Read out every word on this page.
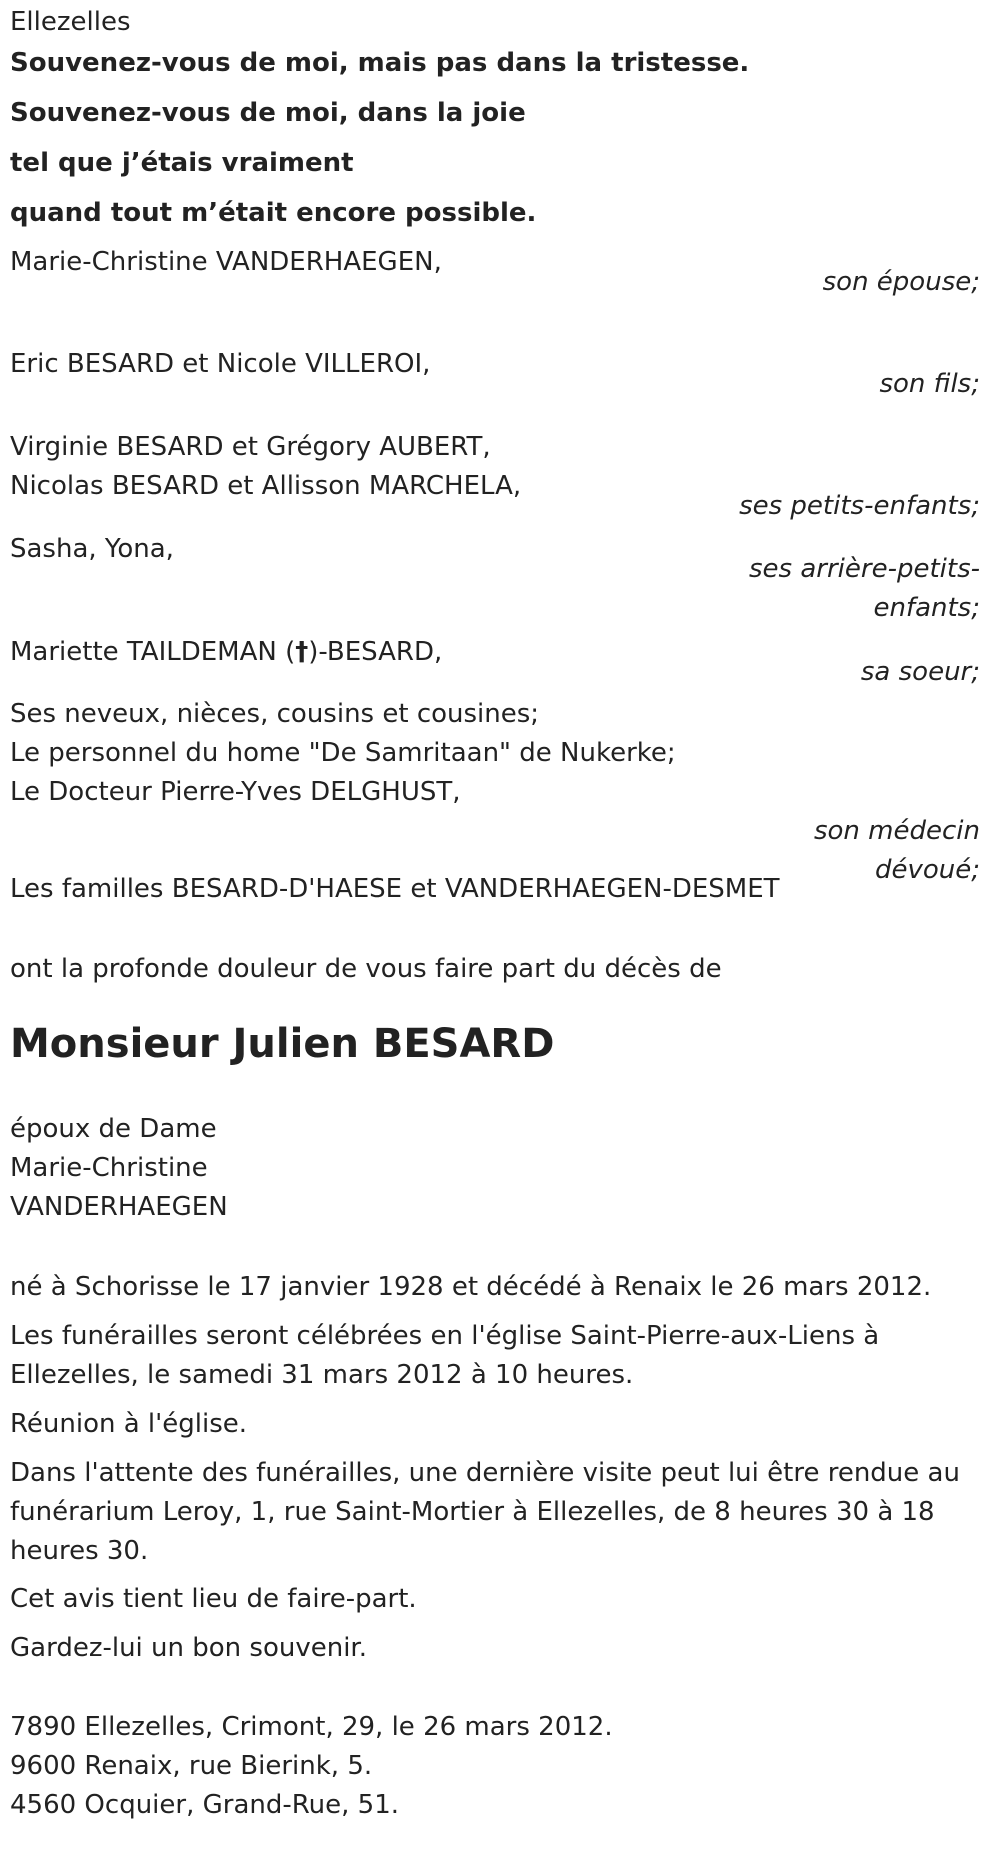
Ellezelles
Souvenez-vous de moi, mais pas dans la tristesse.
Souvenez-vous de moi, dans la joie
tel que j’étais vraiment
quand tout m’était encore possible.
Marie-Christine VANDERHAEGEN,
son épouse;
Eric BESARD et Nicole VILLEROI,
son fils;
Virginie BESARD et Grégory AUBERT,
Nicolas BESARD et Allisson MARCHELA,
ses petits-enfants;
Sasha, Yona,
ses arrière-petits-
enfants;
Mariette TAILDEMAN (†)-BESARD,
sa soeur;
Ses neveux, nièces, cousins et cousines;
Le personnel du home "De Samritaan" de Nukerke;
Le Docteur Pierre-Yves DELGHUST,
son médecin
dévoué;
Les familles BESARD-D'HAESE et VANDERHAEGEN-DESMET
ont la profonde douleur de vous faire part du décès de
Monsieur Julien BESARD
époux de Dame
Marie-Christine
VANDERHAEGEN
né à Schorisse le 17 janvier 1928 et décédé à Renaix le 26 mars 2012.
Les funérailles seront célébrées en l'église Saint-Pierre-aux-Liens à
Ellezelles, le samedi 31 mars 2012 à 10 heures.
Réunion à l'église.
Dans l'attente des funérailles, une dernière visite peut lui être rendue au
funérarium Leroy, 1, rue Saint-Mortier à Ellezelles, de 8 heures 30 à 18
heures 30.
Cet avis tient lieu de faire-part.
Gardez-lui un bon souvenir.
7890 Ellezelles, Crimont, 29, le 26 mars 2012.
9600 Renaix, rue Bierink, 5.
4560 Ocquier, Grand-Rue, 51.
